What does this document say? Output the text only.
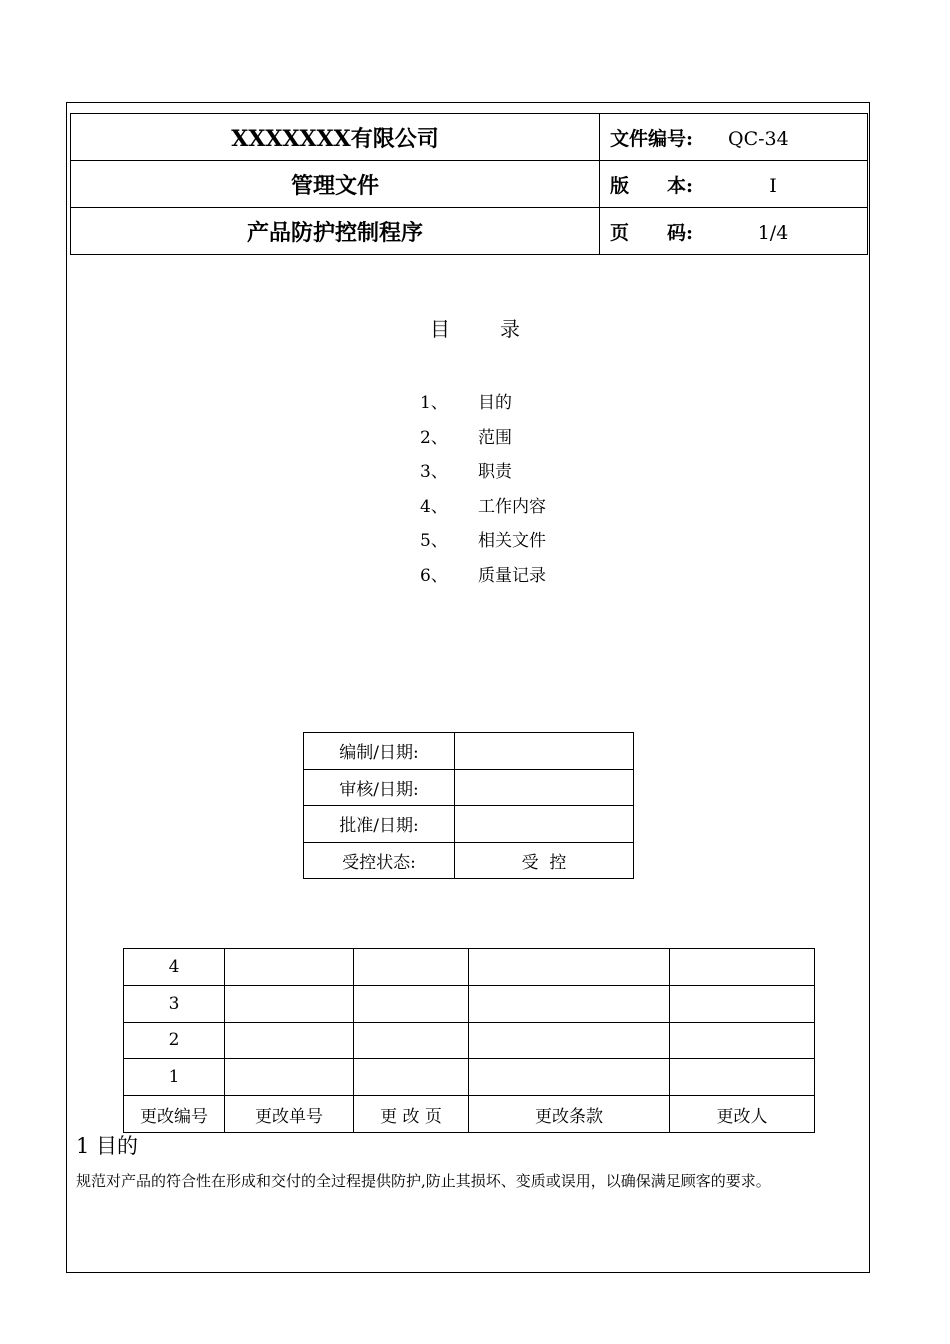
XXXXXXX有限公司	文件编号: QC-34
管理文件	版　　本: I
产品防护控制程序	页　　码: 1/4
目	录
1、	目的
2、	范围
3、	职责
4、	工作内容
5、	相关文件
6、	质量记录
编制/日期:	
审核/日期:	
批准/日期:	
受控状态:	受  控
4				
3				
2				
1				
更改编号	更改单号	更 改 页	更改条款	更改人
1 目的
规范对产品的符合性在形成和交付的全过程提供防护,防止其损坏、变质或误用，以确保满足顾客的要求。
